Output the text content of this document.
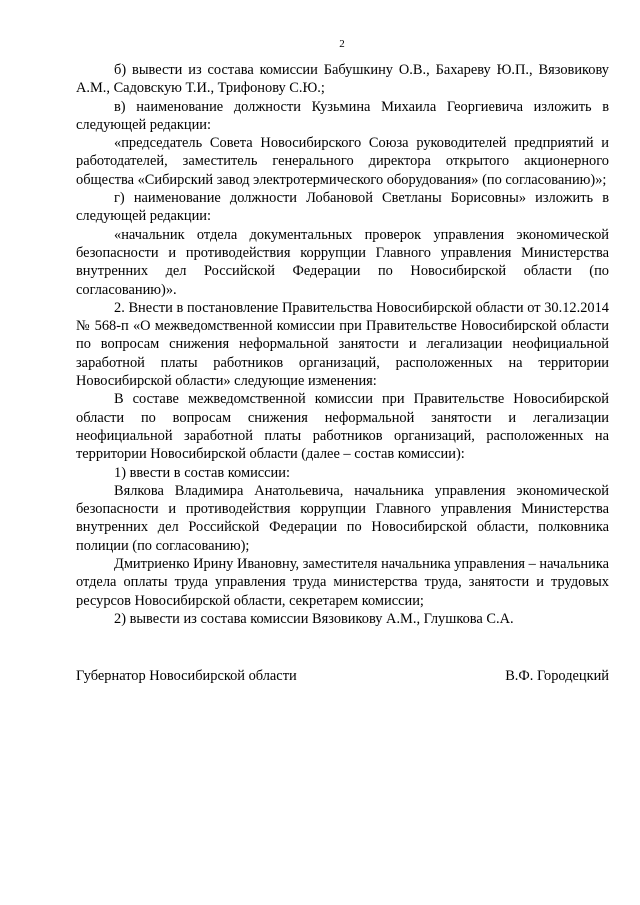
2

б) вывести из состава комиссии Бабушкину О.В., Бахареву Ю.П., Вязовикову А.М., Садовскую Т.И., Трифонову С.Ю.;

в) наименование должности Кузьмина Михаила Георгиевича изложить в следующей редакции:

«председатель Совета Новосибирского Союза руководителей предприятий и работодателей, заместитель генерального директора открытого акционерного общества «Сибирский завод электротермического оборудования» (по согласованию)»;

г) наименование должности Лобановой Светланы Борисовны» изложить в следующей редакции:

«начальник отдела документальных проверок управления экономической безопасности и противодействия коррупции Главного управления Министерства внутренних дел Российской Федерации по Новосибирской области (по согласованию)».

2. Внести в постановление Правительства Новосибирской области от 30.12.2014 № 568-п «О межведомственной комиссии при Правительстве Новосибирской области по вопросам снижения неформальной занятости и легализации неофициальной заработной платы работников организаций, расположенных на территории Новосибирской области» следующие изменения:

В составе межведомственной комиссии при Правительстве Новосибирской области по вопросам снижения неформальной занятости и легализации неофициальной заработной платы работников организаций, расположенных на территории Новосибирской области (далее – состав комиссии):

1) ввести в состав комиссии:

Вялкова Владимира Анатольевича, начальника управления экономической безопасности и противодействия коррупции Главного управления Министерства внутренних дел Российской Федерации по Новосибирской области, полковника полиции (по согласованию);

Дмитриенко Ирину Ивановну, заместителя начальника управления – начальника отдела оплаты труда управления труда министерства труда, занятости и трудовых ресурсов Новосибирской области, секретарем комиссии;

2) вывести из состава комиссии Вязовикову А.М., Глушкова С.А.

Губернатор Новосибирской области	В.Ф. Городецкий
